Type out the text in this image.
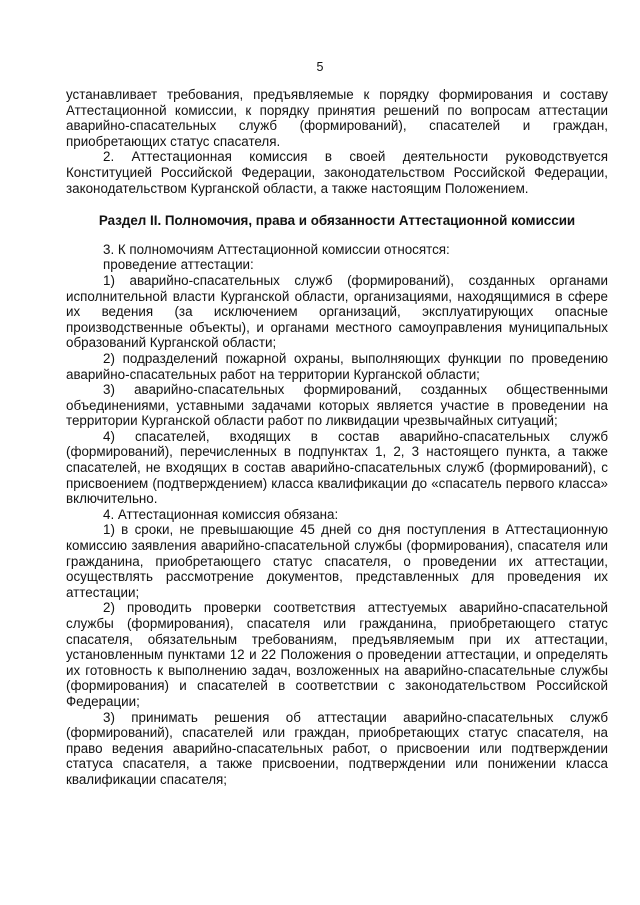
5

устанавливает требования, предъявляемые к порядку формирования и составу Аттестационной комиссии, к порядку принятия решений по вопросам аттестации аварийно-спасательных служб (формирований), спасателей и граждан, приобретающих статус спасателя.

2. Аттестационная комиссия в своей деятельности руководствуется Конституцией Российской Федерации, законодательством Российской Федерации, законодательством Курганской области, а также настоящим Положением.

Раздел II. Полномочия, права и обязанности Аттестационной комиссии

3. К полномочиям Аттестационной комиссии относятся:

проведение аттестации:

1) аварийно-спасательных служб (формирований), созданных органами исполнительной власти Курганской области, организациями, находящимися в сфере их ведения (за исключением организаций, эксплуатирующих опасные производственные объекты), и органами местного самоуправления муниципальных образований Курганской области;

2) подразделений пожарной охраны, выполняющих функции по проведению аварийно-спасательных работ на территории Курганской области;

3) аварийно-спасательных формирований, созданных общественными объединениями, уставными задачами которых является участие в проведении на территории Курганской области работ по ликвидации чрезвычайных ситуаций;

4) спасателей, входящих в состав аварийно-спасательных служб (формирований), перечисленных в подпунктах 1, 2, 3 настоящего пункта, а также спасателей, не входящих в состав аварийно-спасательных служб (формирований), с присвоением (подтверждением) класса квалификации до «спасатель первого класса» включительно.

4. Аттестационная комиссия обязана:

1) в сроки, не превышающие 45 дней со дня поступления в Аттестационную комиссию заявления аварийно-спасательной службы (формирования), спасателя или гражданина, приобретающего статус спасателя, о проведении их аттестации, осуществлять рассмотрение документов, представленных для проведения их аттестации;

2) проводить проверки соответствия аттестуемых аварийно-спасательной службы (формирования), спасателя или гражданина, приобретающего статус спасателя, обязательным требованиям, предъявляемым при их аттестации, установленным пунктами 12 и 22 Положения о проведении аттестации, и определять их готовность к выполнению задач, возложенных на аварийно-спасательные службы (формирования) и спасателей в соответствии с законодательством Российской Федерации;

3) принимать решения об аттестации аварийно-спасательных служб (формирований), спасателей или граждан, приобретающих статус спасателя, на право ведения аварийно-спасательных работ, о присвоении или подтверждении статуса спасателя, а также присвоении, подтверждении или понижении класса квалификации спасателя;
